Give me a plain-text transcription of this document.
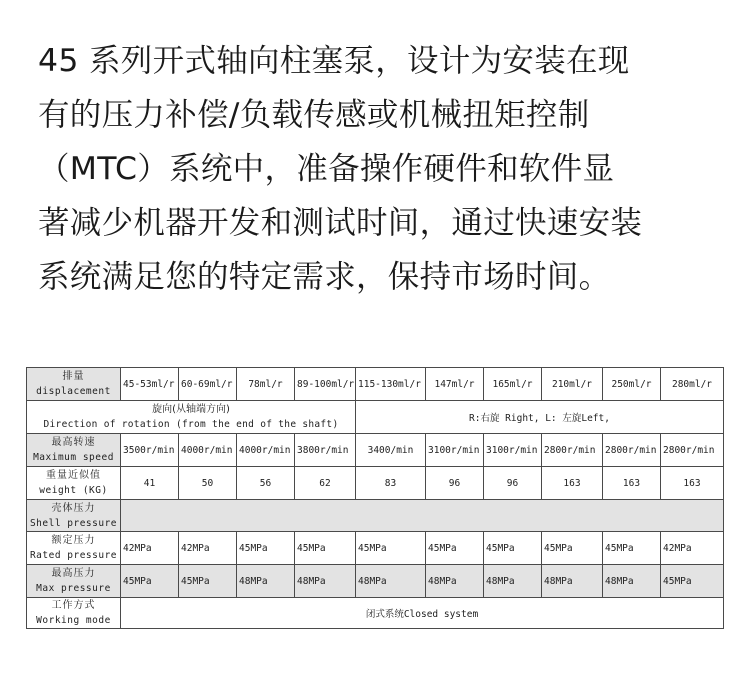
45 系列开式轴向柱塞泵，设计为安装在现
有的压力补偿/负载传感或机械扭矩控制
（MTC）系统中，准备操作硬件和软件显
著减少机器开发和测试时间，通过快速安装
系统满足您的特定需求，保持市场时间。
排量
displacement	45-53ml/r	60-69ml/r	78ml/r	89-100ml/r	115-130ml/r	147ml/r	165ml/r	210ml/r	250ml/r	280ml/r

旋向(从轴端方向)
Direction of rotation (from the end of the shaft)					R:右旋 Right, L: 左旋Left,					

最高转速
Maximum speed	3500r/min	4000r/min	4000r/min	3800r/min	3400/min	3100r/min	3100r/min	2800r/min	2800r/min	2800r/min

重量近似值
weight (KG)	41	50	56	62	83	96	96	163	163	163

壳体压力
Shell pressure										

额定压力
Rated pressure	42MPa	42MPa	45MPa	45MPa	45MPa	45MPa	45MPa	45MPa	45MPa	42MPa

最高压力
Max pressure	45MPa	45MPa	48MPa	48MPa	48MPa	48MPa	48MPa	48MPa	48MPa	45MPa

工作方式
Working mode	闭式系统Closed system									
